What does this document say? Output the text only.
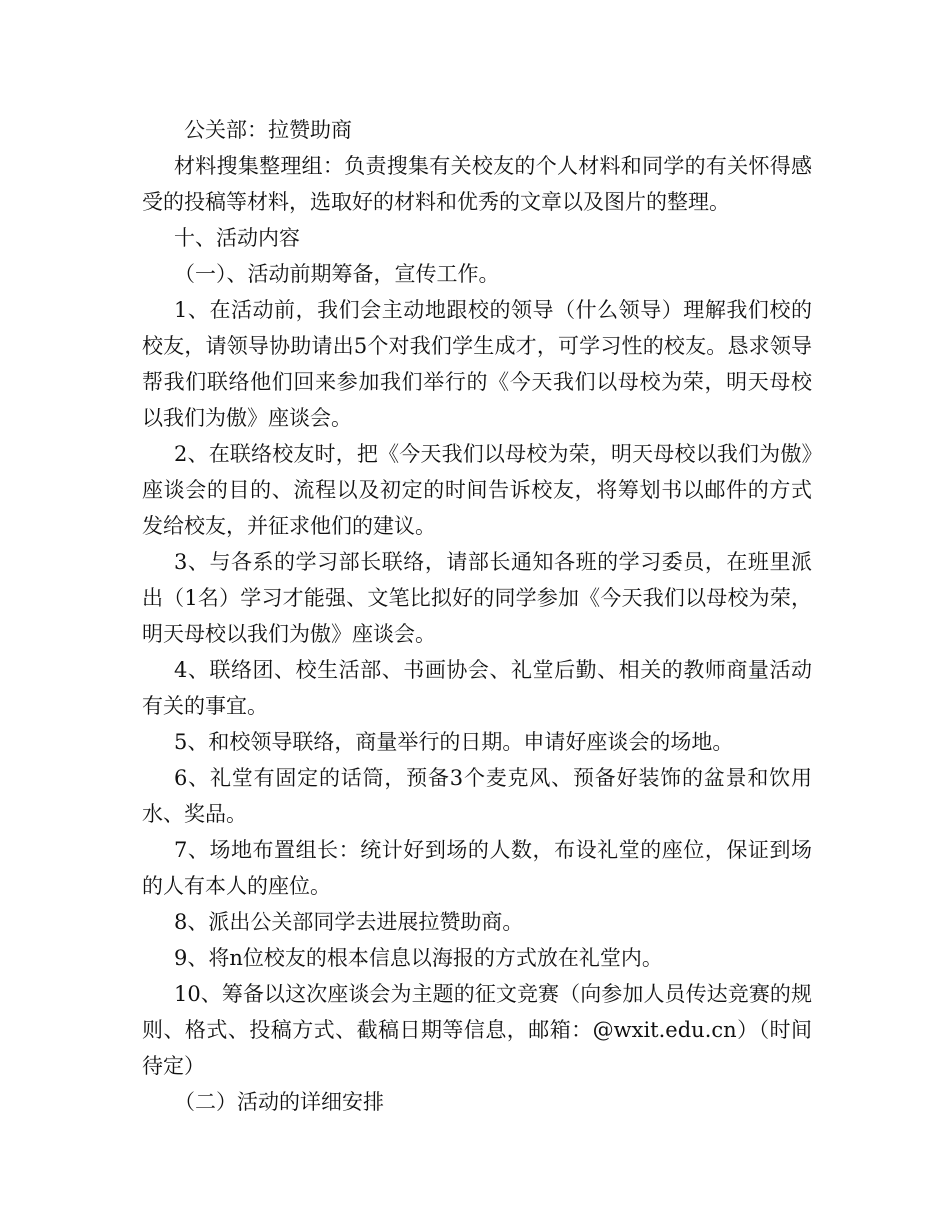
公关部：拉赞助商

材料搜集整理组：负责搜集有关校友的个人材料和同学的有关怀得感受的投稿等材料，选取好的材料和优秀的文章以及图片的整理。

十、活动内容

（一）、活动前期筹备，宣传工作。

1、在活动前，我们会主动地跟校的领导（什么领导）理解我们校的校友，请领导协助请出5个对我们学生成才，可学习性的校友。恳求领导帮我们联络他们回来参加我们举行的《今天我们以母校为荣，明天母校以我们为傲》座谈会。

2、在联络校友时，把《今天我们以母校为荣，明天母校以我们为傲》座谈会的目的、流程以及初定的时间告诉校友，将筹划书以邮件的方式发给校友，并征求他们的建议。

3、与各系的学习部长联络，请部长通知各班的学习委员，在班里派出（1名）学习才能强、文笔比拟好的同学参加《今天我们以母校为荣，明天母校以我们为傲》座谈会。

4、联络团、校生活部、书画协会、礼堂后勤、相关的教师商量活动有关的事宜。

5、和校领导联络，商量举行的日期。申请好座谈会的场地。

6、礼堂有固定的话筒，预备3个麦克风、预备好装饰的盆景和饮用水、奖品。

7、场地布置组长：统计好到场的人数，布设礼堂的座位，保证到场的人有本人的座位。

8、派出公关部同学去进展拉赞助商。

9、将n位校友的根本信息以海报的方式放在礼堂内。

10、筹备以这次座谈会为主题的征文竞赛（向参加人员传达竞赛的规则、格式、投稿方式、截稿日期等信息，邮箱：@wxit.edu.cn）（时间待定）

（二）活动的详细安排
